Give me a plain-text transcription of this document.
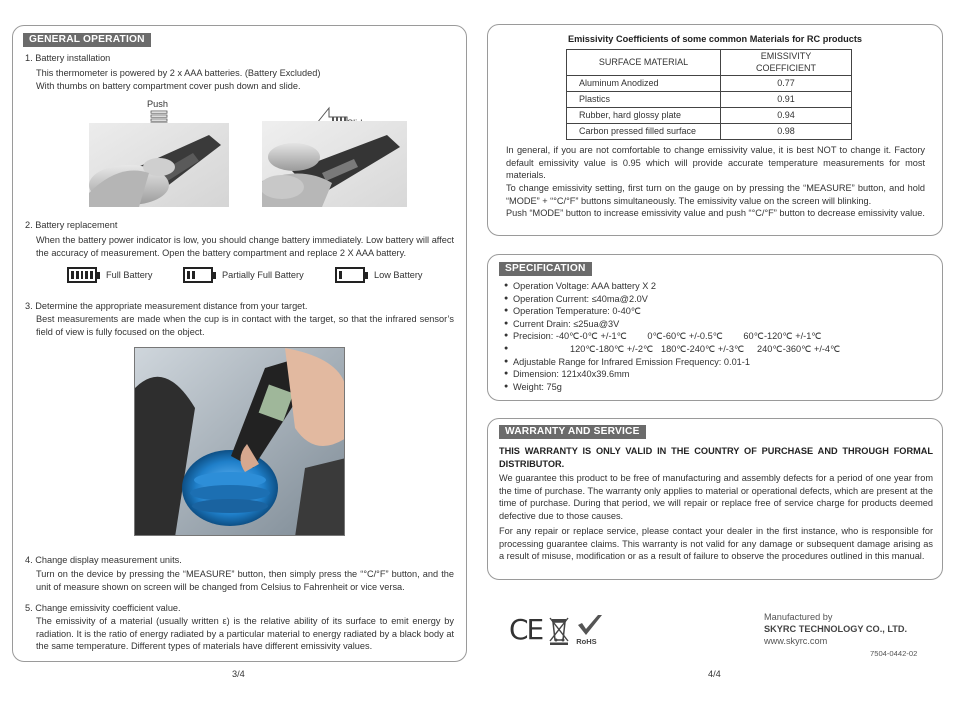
GENERAL OPERATION
1. Battery installation
This thermometer is powered by 2 x AAA batteries. (Battery Excluded)
With thumbs on battery compartment cover push down and slide.
Push
2. Battery replacement
When the battery power indicator is low, you should change battery immediately. Low battery will affect the accuracy of measurement. Open the battery compartment and replace 2 X AAA battery.
Full Battery	Partially Full Battery	Low Battery
3. Determine the appropriate measurement distance from your target.
Best measurements are made when the cup is in contact with the target, so that the infrared sensor’s field of view is fully focused on the object.
4. Change display measurement units.
Turn on the device by pressing the “MEASURE” button, then simply press the “°C/°F” button, and the unit of measure shown on screen will be changed from Celsius to Fahrenheit or vice versa.
5. Change emissivity coefficient value.
The emissivity of a material (usually written ε) is the relative ability of its surface to emit energy by radiation. It is the ratio of energy radiated by a particular material to energy radiated by a black body at the same temperature. Different types of materials have different emissivity values.
3/4
Emissivity Coefficients of some common Materials for RC products
SURFACE MATERIAL	EMISSIVITY COEFFICIENT
Aluminum Anodized	0.77
Plastics	0.91
Rubber, hard glossy plate	0.94
Carbon pressed filled surface	0.98
In general, if you are not comfortable to change emissivity value, it is best NOT to change it. Factory default emissivity value is 0.95 which will provide accurate temperature measurements for most materials.
To change emissivity setting, first turn on the gauge on by pressing the “MEASURE” button, and hold “MODE” + “°C/°F” buttons simultaneously. The emissivity value on the screen will blinking.
Push “MODE” button to increase emissivity value and push “°C/°F” button to decrease emissivity value.
SPECIFICATION
● Operation Voltage: AAA battery X 2
● Operation Current: ≤40ma@2.0V
● Operation Temperature: 0-40℃
● Current Drain: ≤25ua@3V
● Precision: -40℃-0℃ +/-1℃        0℃-60℃ +/-0.5℃        60℃-120℃ +/-1℃
● 120℃-180℃ +/-2℃   180℃-240℃ +/-3℃     240℃-360℃ +/-4℃
● Adjustable Range for Infrared Emission Frequency: 0.01-1
● Dimension: 121x40x39.6mm
● Weight: 75g
WARRANTY AND SERVICE
THIS WARRANTY IS ONLY VALID IN THE COUNTRY OF PURCHASE AND THROUGH FORMAL DISTRIBUTOR.
We guarantee this product to be free of manufacturing and assembly defects for a period of one year from the time of purchase. The warranty only applies to material or operational defects, which are present at the time of purchase. During that period, we will repair or replace free of service charge for products deemed defective due to those causes.
For any repair or replace service, please contact your dealer in the first instance, who is responsible for processing guarantee claims. This warranty is not valid for any damage or subsequent damage arising as a result of misuse, modification or as a result of failure to observe the procedures outlined in this manual.
CE	RoHS
Manufactured by
SKYRC TECHNOLOGY CO., LTD.
www.skyrc.com
7504-0442-02
4/4
